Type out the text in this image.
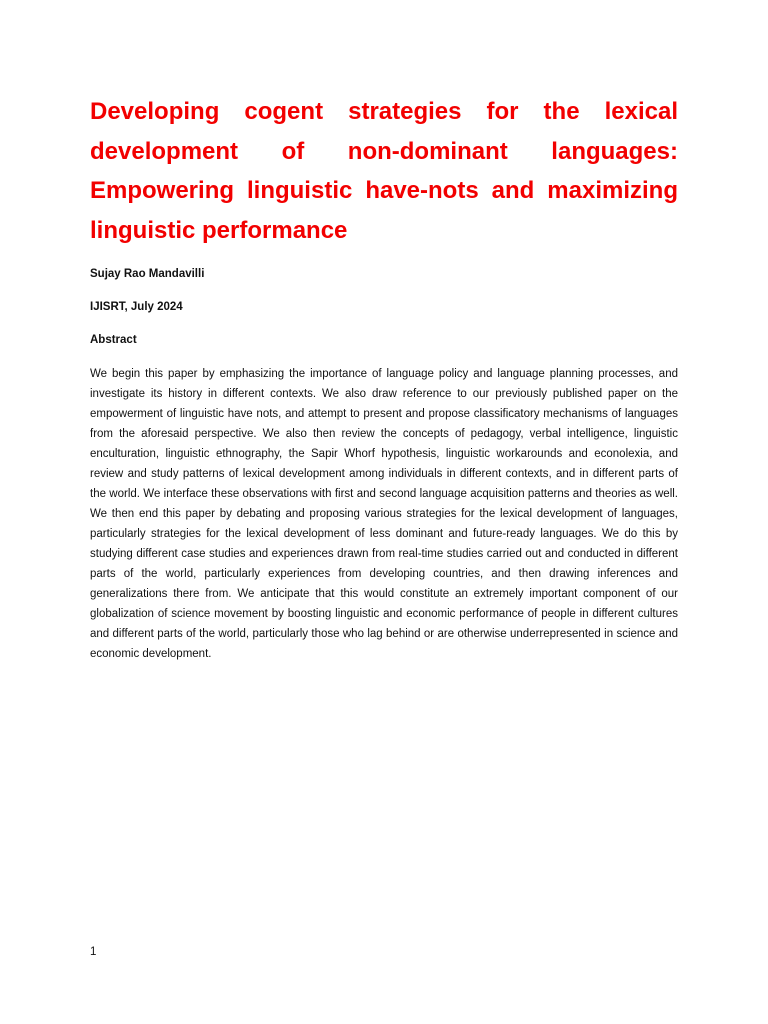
Developing cogent strategies for the lexical development of non-dominant languages: Empowering linguistic have-nots and maximizing linguistic performance

Sujay Rao Mandavilli

IJISRT, July 2024

Abstract

We begin this paper by emphasizing the importance of language policy and language planning processes, and investigate its history in different contexts. We also draw reference to our previously published paper on the empowerment of linguistic have nots, and attempt to present and propose classificatory mechanisms of languages from the aforesaid perspective. We also then review the concepts of pedagogy, verbal intelligence, linguistic enculturation, linguistic ethnography, the Sapir Whorf hypothesis, linguistic workarounds and econolexia, and review and study patterns of lexical development among individuals in different contexts, and in different parts of the world. We interface these observations with first and second language acquisition patterns and theories as well. We then end this paper by debating and proposing various strategies for the lexical development of languages, particularly strategies for the lexical development of less dominant and future-ready languages. We do this by studying different case studies and experiences drawn from real-time studies carried out and conducted in different parts of the world, particularly experiences from developing countries, and then drawing inferences and generalizations there from. We anticipate that this would constitute an extremely important component of our globalization of science movement by boosting linguistic and economic performance of people in different cultures and different parts of the world, particularly those who lag behind or are otherwise underrepresented in science and economic development.

1
